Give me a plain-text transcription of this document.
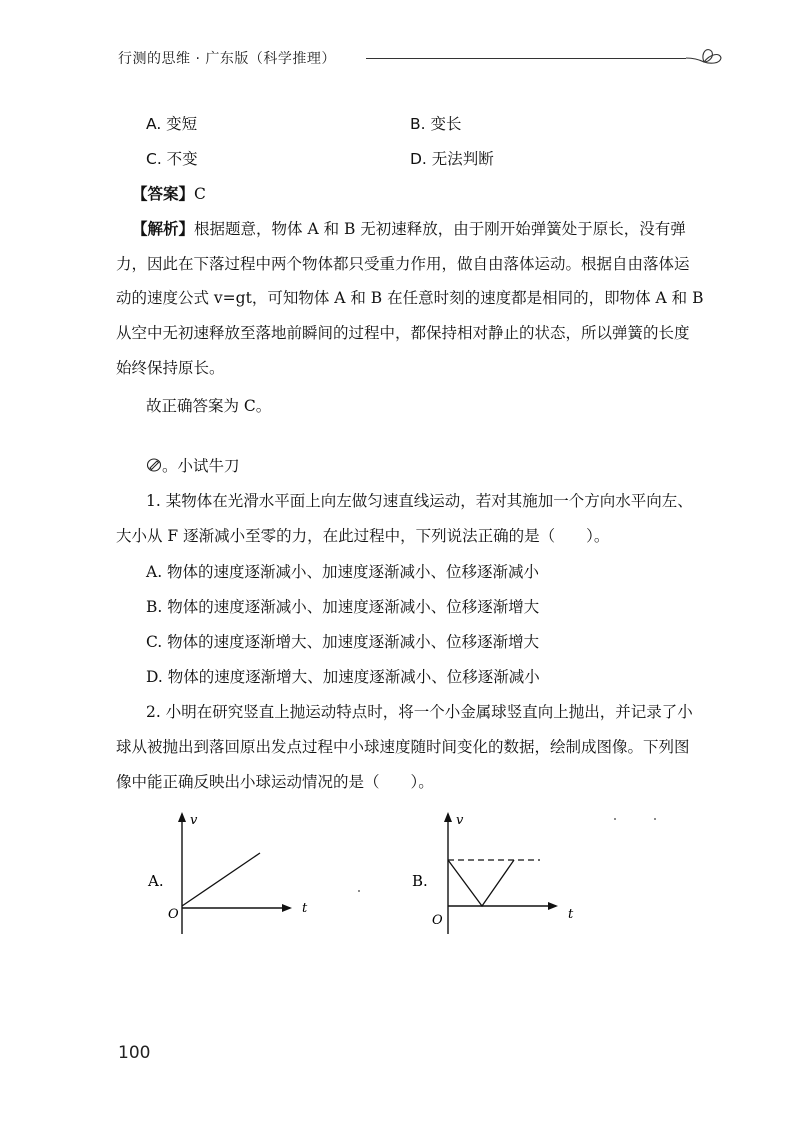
行测的思维 · 广东版（科学推理）
A. 变短	B. 变长
C. 不变	D. 无法判断
【答案】C
【解析】根据题意，物体 A 和 B 无初速释放，由于刚开始弹簧处于原长，没有弹
力，因此在下落过程中两个物体都只受重力作用，做自由落体运动。根据自由落体运
动的速度公式 v=gt，可知物体 A 和 B 在任意时刻的速度都是相同的，即物体 A 和 B
从空中无初速释放至落地前瞬间的过程中，都保持相对静止的状态，所以弹簧的长度
始终保持原长。
故正确答案为 C。
。小试牛刀
1. 某物体在光滑水平面上向左做匀速直线运动，若对其施加一个方向水平向左、
大小从 F 逐渐减小至零的力，在此过程中，下列说法正确的是（　　）。
A. 物体的速度逐渐减小、加速度逐渐减小、位移逐渐减小
B. 物体的速度逐渐减小、加速度逐渐减小、位移逐渐增大
C. 物体的速度逐渐增大、加速度逐渐减小、位移逐渐增大
D. 物体的速度逐渐增大、加速度逐渐减小、位移逐渐减小
2. 小明在研究竖直上抛运动特点时，将一个小金属球竖直向上抛出，并记录了小
球从被抛出到落回原出发点过程中小球速度随时间变化的数据，绘制成图像。下列图
像中能正确反映出小球运动情况的是（　　）。
A.
v
t
O
B.
v
t
O
100
